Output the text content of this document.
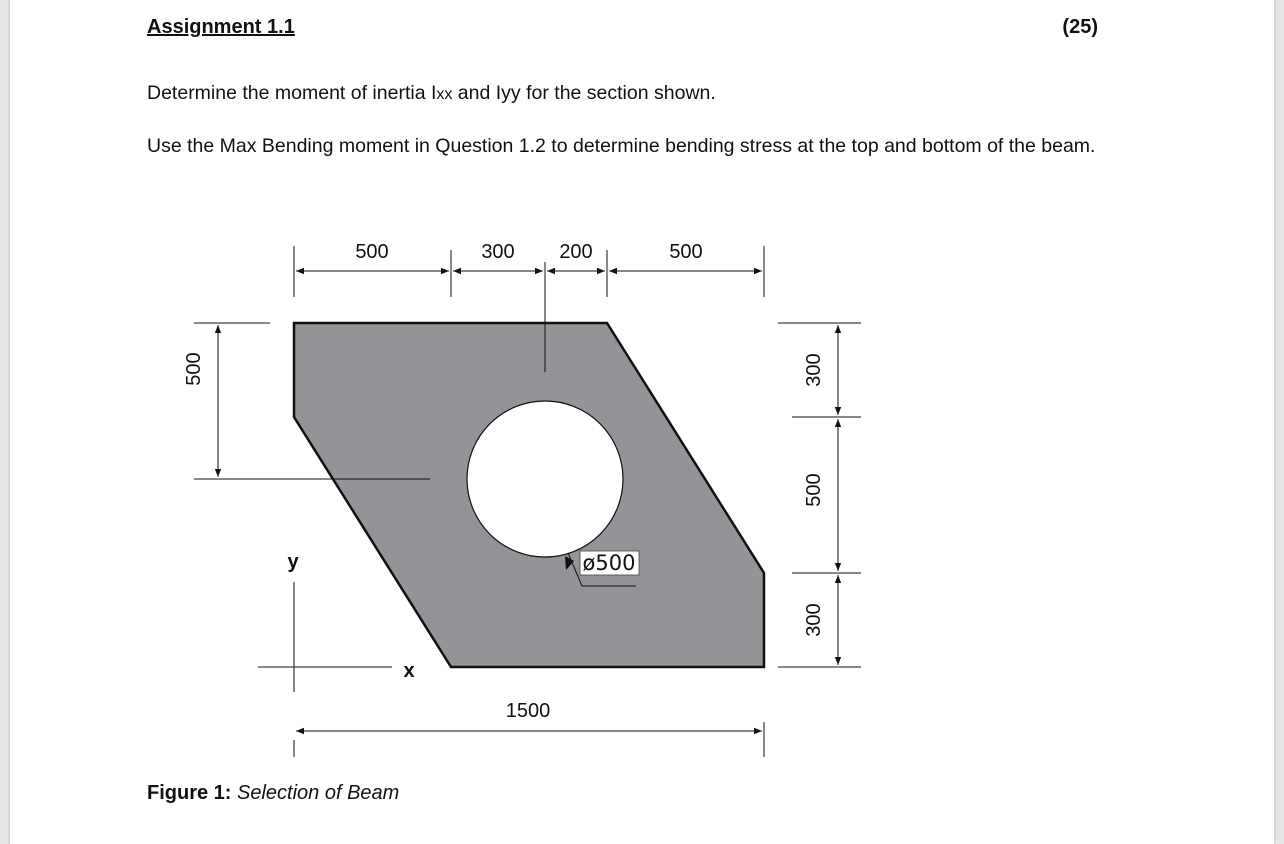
Assignment 1.1	(25)

Determine the moment of inertia Ixx and Iyy for the section shown.

Use the Max Bending moment in Question 1.2 to determine bending stress at the top and bottom of the beam.

500	300 200	500
500	300
500
300
1500
ø500
y
x
Figure 1: Selection of Beam
